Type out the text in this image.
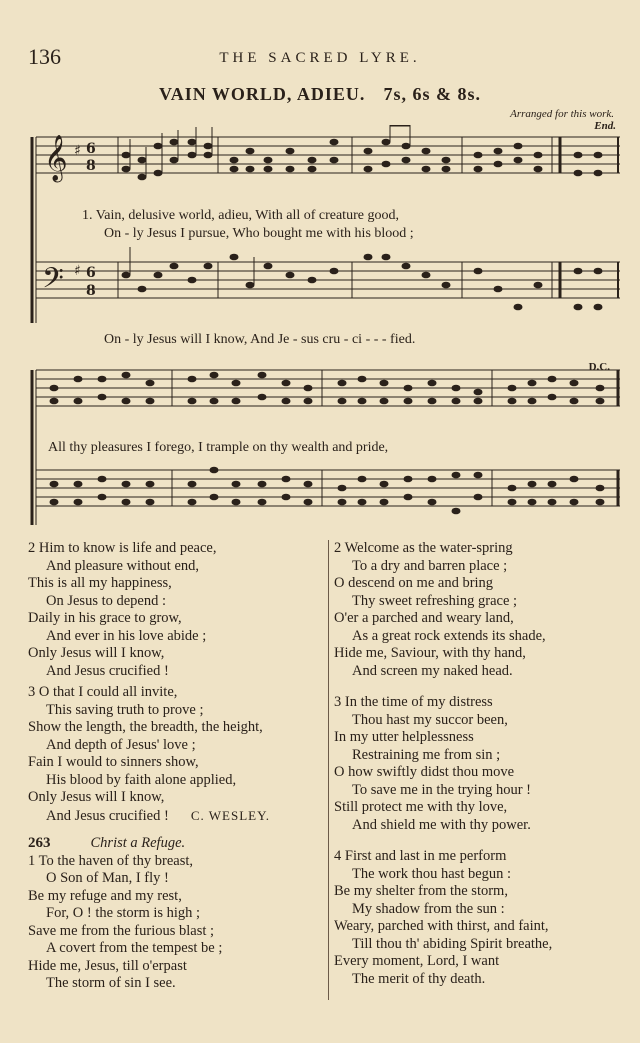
136	THE SACRED LYRE.
VAIN WORLD, ADIEU. 7s, 6s & 8s.
Arranged for this work.
End.
D.C.
𝄞 ♯ 6
8
𝄢 ♯ 6
8
1. Vain, delusive world, adieu, With all of creature good,
On - ly Jesus I pursue, Who bought me with his blood ;
On - ly Jesus will I know, And Je - sus cru - ci - - - fied.
All thy pleasures I forego, I trample on thy wealth and pride,
2 Him to know is life and peace,
And pleasure without end,
This is all my happiness,
On Jesus to depend :
Daily in his grace to grow,
And ever in his love abide ;
Only Jesus will I know,
And Jesus crucified !
3 O that I could all invite,
This saving truth to prove ;
Show the length, the breadth, the height,
And depth of Jesus' love ;
Fain I would to sinners show,
His blood by faith alone applied,
Only Jesus will I know,
And Jesus crucified ! C. WESLEY.
263	Christ a Refuge.
1 To the haven of thy breast,
O Son of Man, I fly !
Be my refuge and my rest,
For, O ! the storm is high ;
Save me from the furious blast ;
A covert from the tempest be ;
Hide me, Jesus, till o'erpast
The storm of sin I see.
2 Welcome as the water-spring
To a dry and barren place ;
O descend on me and bring
Thy sweet refreshing grace ;
O'er a parched and weary land,
As a great rock extends its shade,
Hide me, Saviour, with thy hand,
And screen my naked head.
3 In the time of my distress
Thou hast my succor been,
In my utter helplessness
Restraining me from sin ;
O how swiftly didst thou move
To save me in the trying hour !
Still protect me with thy love,
And shield me with thy power.
4 First and last in me perform
The work thou hast begun :
Be my shelter from the storm,
My shadow from the sun :
Weary, parched with thirst, and faint,
Till thou th' abiding Spirit breathe,
Every moment, Lord, I want
The merit of thy death.
